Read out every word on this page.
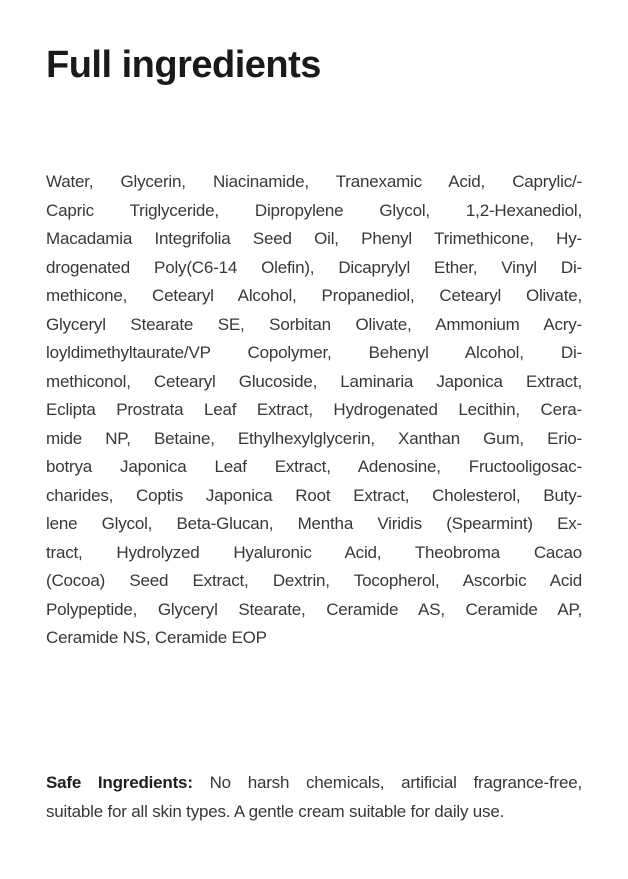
Full ingredients
Water, Glycerin, Niacinamide, Tranexamic Acid, Caprylic/-
Capric Triglyceride, Dipropylene Glycol, 1,2-Hexanediol,
Macadamia Integrifolia Seed Oil, Phenyl Trimethicone, Hy-
drogenated Poly(C6-14 Olefin), Dicaprylyl Ether, Vinyl Di-
methicone, Cetearyl Alcohol, Propanediol, Cetearyl Olivate,
Glyceryl Stearate SE, Sorbitan Olivate, Ammonium Acry-
loyldimethyltaurate/VP Copolymer, Behenyl Alcohol, Di-
methiconol, Cetearyl Glucoside, Laminaria Japonica Extract,
Eclipta Prostrata Leaf Extract, Hydrogenated Lecithin, Cera-
mide NP, Betaine, Ethylhexylglycerin, Xanthan Gum, Erio-
botrya Japonica Leaf Extract, Adenosine, Fructooligosac-
charides, Coptis Japonica Root Extract, Cholesterol, Buty-
lene Glycol, Beta-Glucan, Mentha Viridis (Spearmint) Ex-
tract, Hydrolyzed Hyaluronic Acid, Theobroma Cacao
(Cocoa) Seed Extract, Dextrin, Tocopherol, Ascorbic Acid
Polypeptide, Glyceryl Stearate, Ceramide AS, Ceramide AP,
Ceramide NS, Ceramide EOP

Safe Ingredients: No harsh chemicals, artificial fragrance-free,
suitable for all skin types. A gentle cream suitable for daily use.
